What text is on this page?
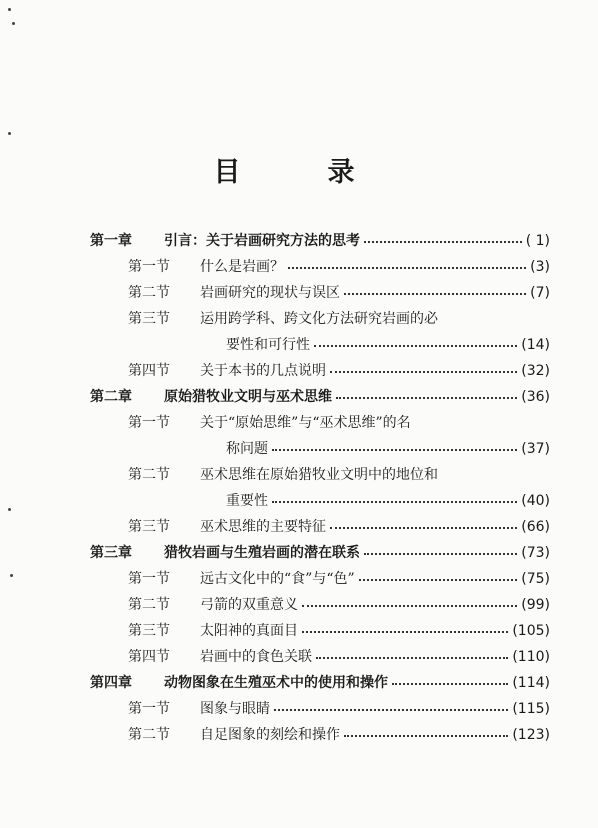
目　录
第一章	引言：关于岩画研究方法的思考	( 1)
第一节	什么是岩画？	(3)
第二节	岩画研究的现状与误区	(7)
第三节	运用跨学科、跨文化方法研究岩画的必
要性和可行性	(14)
第四节	关于本书的几点说明	(32)
第二章	原始猎牧业文明与巫术思维	(36)
第一节	关于“原始思维”与“巫术思维”的名
称问题	(37)
第二节	巫术思维在原始猎牧业文明中的地位和
重要性	(40)
第三节	巫术思维的主要特征	(66)
第三章	猎牧岩画与生殖岩画的潜在联系	(73)
第一节	远古文化中的“食”与“色”	(75)
第二节	弓箭的双重意义	(99)
第三节	太阳神的真面目	(105)
第四节	岩画中的食色关联	(110)
第四章	动物图象在生殖巫术中的使用和操作	(114)
第一节	图象与眼睛	(115)
第二节	自足图象的刻绘和操作	(123)
